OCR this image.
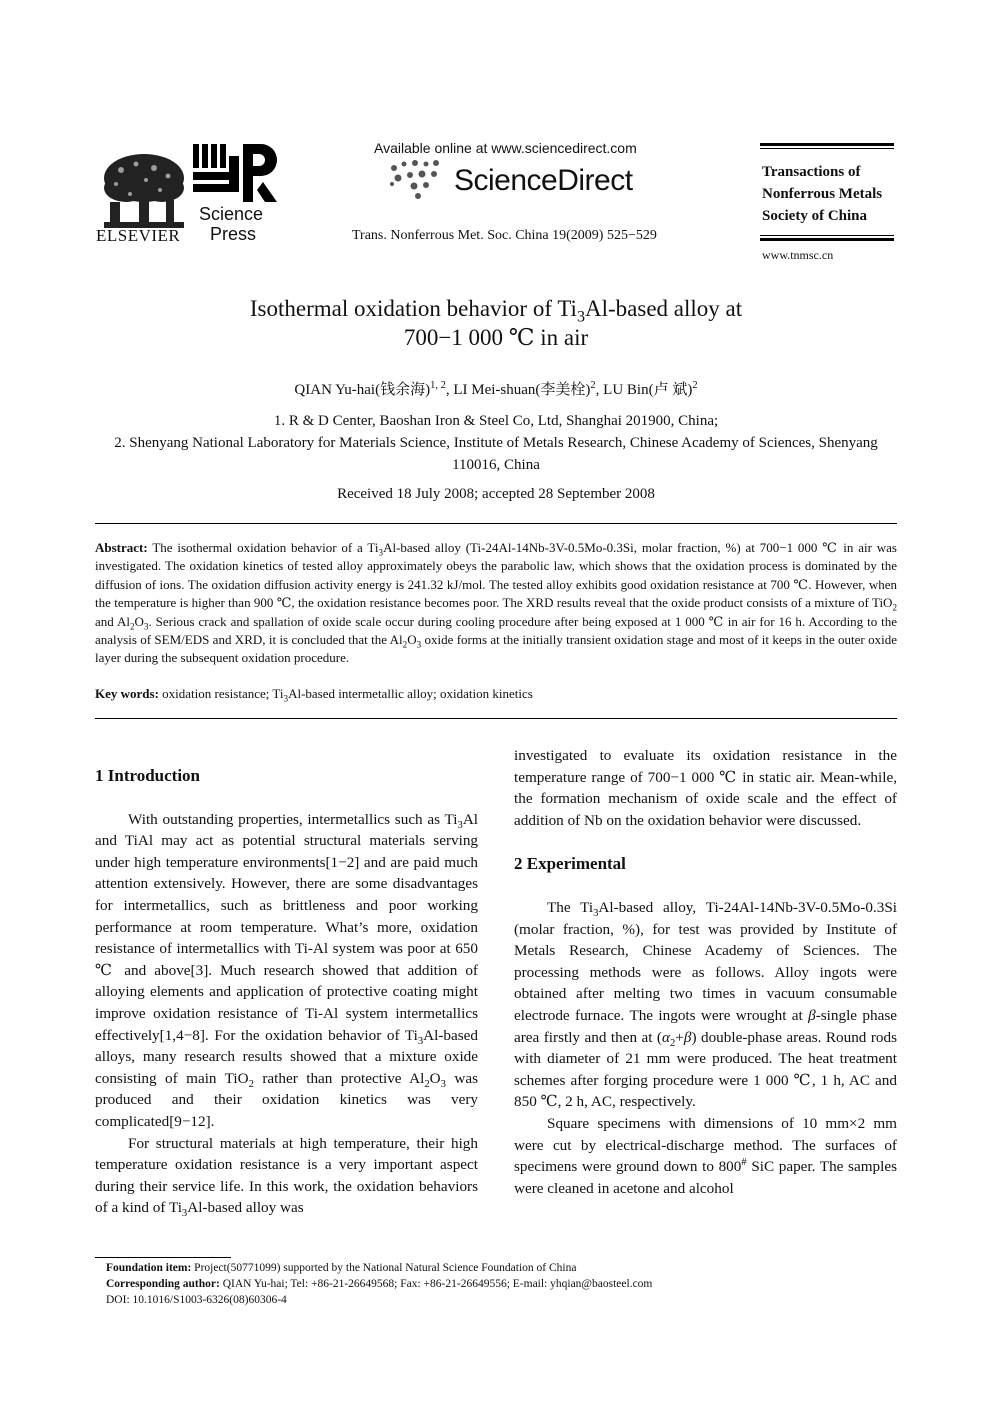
ELSEVIER
Science
Press
Available online at www.sciencedirect.com
ScienceDirect
Trans. Nonferrous Met. Soc. China 19(2009) 525−529
Transactions of
Nonferrous Metals
Society of China
www.tnmsc.cn
Isothermal oxidation behavior of $Ti_3Al$-based alloy at
700−1 000 ℃ in air
QIAN Yu-hai(钱余海)$^{1, 2}$, LI Mei-shuan(李美栓)$^2$, LU Bin(卢 斌)$^2$
1. R & D Center, Baoshan Iron & Steel Co, Ltd, Shanghai 201900, China;
2. Shenyang National Laboratory for Materials Science, Institute of Metals Research, Chinese Academy of Sciences, Shenyang 110016, China
Received 18 July 2008; accepted 28 September 2008
Abstract: The isothermal oxidation behavior of a $Ti_3Al$-based alloy (Ti-24Al-14Nb-3V-0.5Mo-0.3Si, molar fraction, %) at 700−1 000 ℃ in air was investigated. The oxidation kinetics of tested alloy approximately obeys the parabolic law, which shows that the oxidation process is dominated by the diffusion of ions. The oxidation diffusion activity energy is 241.32 kJ/mol. The tested alloy exhibits good oxidation resistance at 700 ℃. However, when the temperature is higher than 900 ℃, the oxidation resistance becomes poor. The XRD results reveal that the oxide product consists of a mixture of TiO$_2$ and $Al_2O_3$. Serious crack and spallation of oxide scale occur during cooling procedure after being exposed at 1 000 ℃ in air for 16 h. According to the analysis of SEM/EDS and XRD, it is concluded that the $Al_2O_3$ oxide forms at the initially transient oxidation stage and most of it keeps in the outer oxide layer during the subsequent oxidation procedure.
Key words: oxidation resistance; $Ti_3Al$-based intermetallic alloy; oxidation kinetics
1 Introduction

With outstanding properties, intermetallics such as $Ti_3Al$ and TiAl may act as potential structural materials serving under high temperature environments[1−2] and are paid much attention extensively. However, there are some disadvantages for intermetallics, such as brittleness and poor working performance at room temperature. What’s more, oxidation resistance of intermetallics with Ti-Al system was poor at 650 ℃ and above[3]. Much research showed that addition of alloying elements and application of protective coating might improve oxidation resistance of Ti-Al system intermetallics effectively[1,4−8]. For the oxidation behavior of $Ti_3Al$-based alloys, many research results showed that a mixture oxide consisting of main TiO$_2$ rather than protective $Al_2O_3$ was produced and their oxidation kinetics was very complicated[9−12].

For structural materials at high temperature, their high temperature oxidation resistance is a very important aspect during their service life. In this work, the oxidation behaviors of a kind of $Ti_3Al$-based alloy was

investigated to evaluate its oxidation resistance in the temperature range of 700−1 000 ℃ in static air. Mean-while, the formation mechanism of oxide scale and the effect of addition of Nb on the oxidation behavior were discussed.

2 Experimental

The $Ti_3Al$-based alloy, Ti-24Al-14Nb-3V-0.5Mo-0.3Si (molar fraction, %), for test was provided by Institute of Metals Research, Chinese Academy of Sciences. The processing methods were as follows. Alloy ingots were obtained after melting two times in vacuum consumable electrode furnace. The ingots were wrought at β-single phase area firstly and then at $(\alpha_2+\beta)$ double-phase areas. Round rods with diameter of 21 mm were produced. The heat treatment schemes after forging procedure were 1 000 ℃, 1 h, AC and 850 ℃, 2 h, AC, respectively.

Square specimens with dimensions of 10 mm×2 mm were cut by electrical-discharge method. The surfaces of specimens were ground down to 800# SiC paper. The samples were cleaned in acetone and alcohol

Foundation item: Project(50771099) supported by the National Natural Science Foundation of China
Corresponding author: QIAN Yu-hai; Tel: +86-21-26649568; Fax: +86-21-26649556; E-mail: yhqian@baosteel.com
DOI: 10.1016/S1003-6326(08)60306-4
